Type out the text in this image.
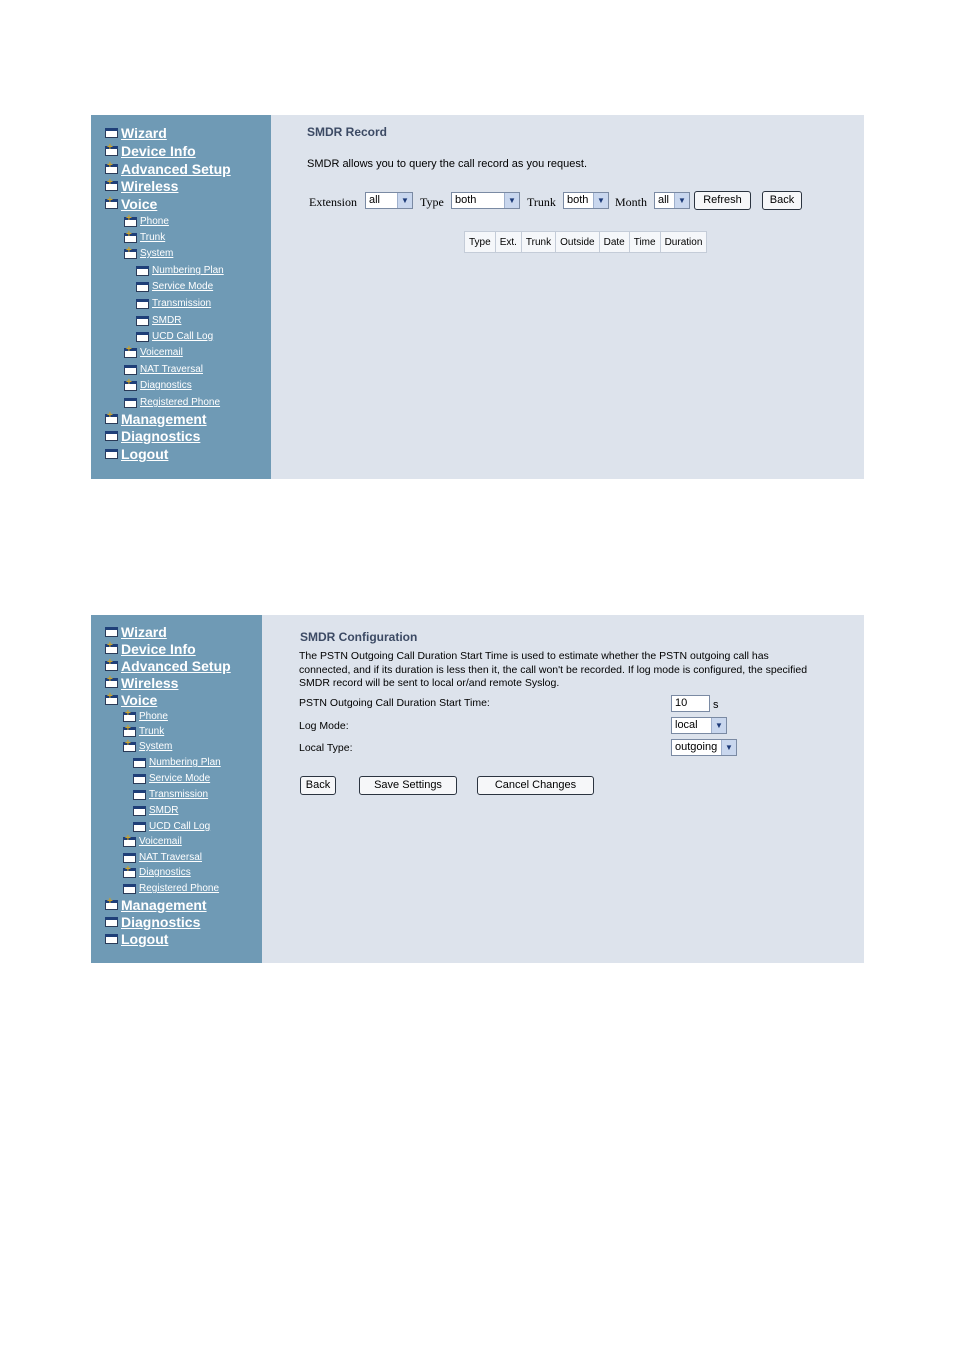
Wizard
+
Device Info
+
Advanced Setup
+
Wireless
+
Voice
+
Phone
+
Trunk
+
System
Numbering Plan
Service Mode
Transmission
SMDR
UCD Call Log
+
Voicemail
NAT Traversal
+
Diagnostics
Registered Phone
+
Management
Diagnostics
Logout
SMDR Record
SMDR allows you to query the call record as you request.
Extension	all	▼ Type	both	▼ Trunk	both	▼ Month all	▼	Refresh	Back
Type	Ext.	Trunk	Outside	Date	Time	Duration
Wizard
+
Device Info
+
Advanced Setup
+
Wireless
+
Voice
+
Phone
+
Trunk
+
System
Numbering Plan
Service Mode
Transmission
SMDR
UCD Call Log
+
Voicemail
NAT Traversal
+
Diagnostics
Registered Phone
+
Management
Diagnostics
Logout
SMDR Configuration
The PSTN Outgoing Call Duration Start Time is used to estimate whether the PSTN outgoing call has
connected, and if its duration is less then it, the call won't be recorded. If log mode is configured, the specified
SMDR record will be sent to local or/and remote Syslog.
PSTN Outgoing Call Duration Start Time:	10	s
Log Mode:	local	▼
Local Type:	outgoing ▼
Back	Save Settings	Cancel Changes
